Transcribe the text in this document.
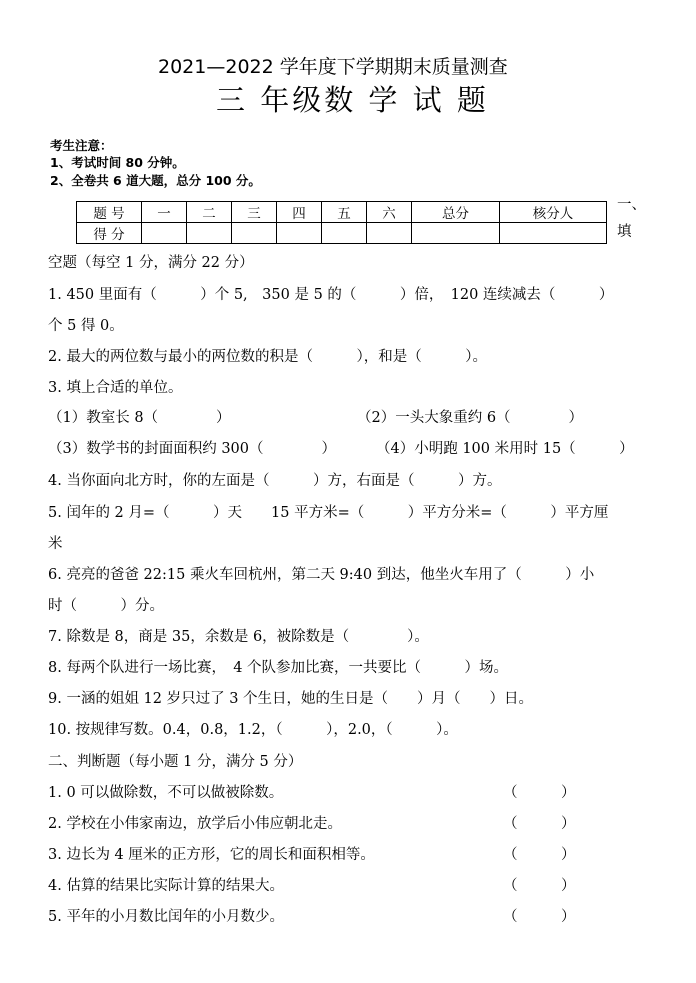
2021—2022 学年度下学期期末质量测查
三 年级数 学 试 题
考生注意：
1、考试时间 80 分钟。
2、全卷共 6 道大题，总分 100 分。
题 号	一	二	三	四	五	六	总分	核分人
得 分								
一、
填
空题（每空 1 分，满分 22 分）
1. 450 里面有（　　　）个 5,　350 是 5 的（　　　）倍，　120 连续减去（　　　）
个 5 得 0。
2. 最大的两位数与最小的两位数的积是（　　　），和是（　　　）。
3. 填上合适的单位。
（1）教室长 8（　　　　）	（2）一头大象重约 6（　　　　）
（3）数学书的封面面积约 300（　　　　）	（4）小明跑 100 米用时 15（　　　）
4. 当你面向北方时，你的左面是（　　　）方，右面是（　　　）方。
5. 闰年的 2 月=（　　　）天　　15 平方米=（　　　）平方分米=（　　　）平方厘
米
6. 亮亮的爸爸 22:15 乘火车回杭州，第二天 9:40 到达，他坐火车用了（　　　）小
时（　　　）分。
7. 除数是 8，商是 35，余数是 6，被除数是（　　　　）。
8. 每两个队进行一场比赛，　4 个队参加比赛，一共要比（　　　）场。
9. 一涵的姐姐 12 岁只过了 3 个生日，她的生日是（　　）月（　　）日。
10. 按规律写数。0.4，0.8，1.2，（　　　），2.0，（　　　）。
二、判断题（每小题 1 分，满分 5 分）
1. 0 可以做除数，不可以做被除数。	（　　　）
2. 学校在小伟家南边，放学后小伟应朝北走。	（　　　）
3. 边长为 4 厘米的正方形，它的周长和面积相等。	（　　　）
4. 估算的结果比实际计算的结果大。	（　　　）
5. 平年的小月数比闰年的小月数少。	（　　　）
